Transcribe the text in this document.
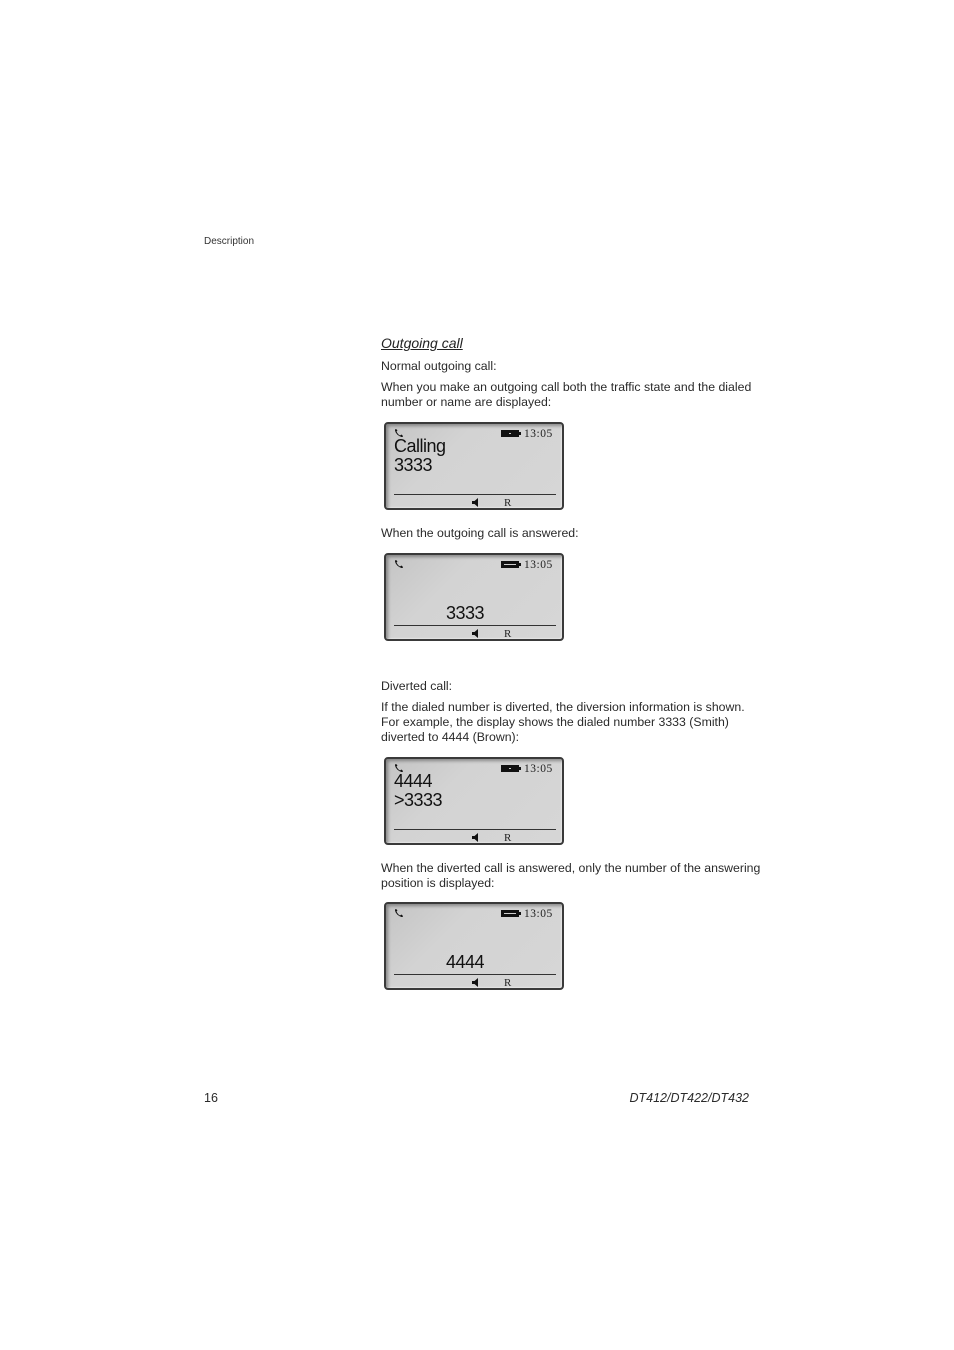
Description
Outgoing call
Normal outgoing call:
When you make an outgoing call both the traffic state and the dialed number or name are displayed:
13:05
Calling
3333
R
When the outgoing call is answered:
13:05
3333
R
Diverted call:
If the dialed number is diverted, the diversion information is shown. For example, the display shows the dialed number 3333 (Smith) diverted to 4444 (Brown):
13:05
4444
>3333
R
When the diverted call is answered, only the number of the answering position is displayed:
13:05
4444
R
16	DT412/DT422/DT432
